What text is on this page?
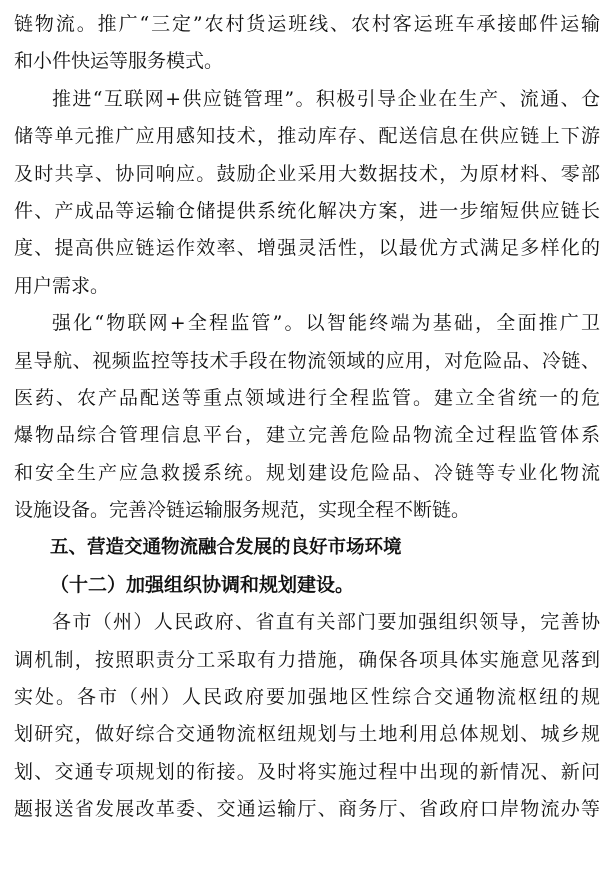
链物流。推广“三定”农村货运班线、农村客运班车承接邮件运输
和小件快运等服务模式。
推进“互联网+供应链管理”。积极引导企业在生产、流通、仓
储等单元推广应用感知技术，推动库存、配送信息在供应链上下游
及时共享、协同响应。鼓励企业采用大数据技术，为原材料、零部
件、产成品等运输仓储提供系统化解决方案，进一步缩短供应链长
度、提高供应链运作效率、增强灵活性，以最优方式满足多样化的
用户需求。
强化“物联网+全程监管”。以智能终端为基础，全面推广卫
星导航、视频监控等技术手段在物流领域的应用，对危险品、冷链、
医药、农产品配送等重点领域进行全程监管。建立全省统一的危
爆物品综合管理信息平台，建立完善危险品物流全过程监管体系
和安全生产应急救援系统。规划建设危险品、冷链等专业化物流
设施设备。完善冷链运输服务规范，实现全程不断链。
五、营造交通物流融合发展的良好市场环境
（十二）加强组织协调和规划建设。
各市（州）人民政府、省直有关部门要加强组织领导，完善协
调机制，按照职责分工采取有力措施，确保各项具体实施意见落到
实处。各市（州）人民政府要加强地区性综合交通物流枢纽的规
划研究，做好综合交通物流枢纽规划与土地利用总体规划、城乡规
划、交通专项规划的衔接。及时将实施过程中出现的新情况、新问
题报送省发展改革委、交通运输厅、商务厅、省政府口岸物流办等
